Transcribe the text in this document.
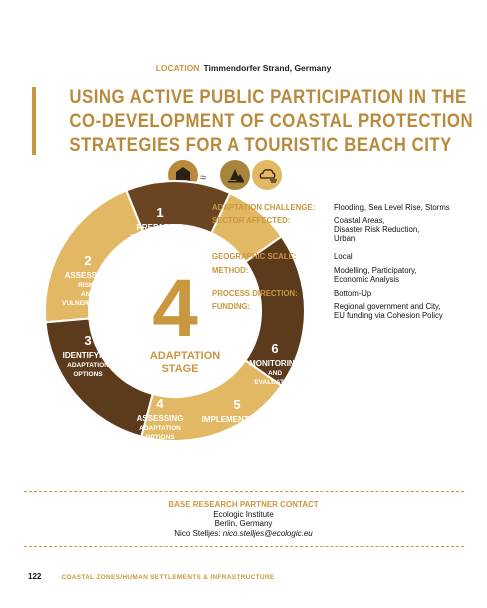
LOCATION Timmendorfer Strand, Germany
USING ACTIVE PUBLIC PARTICIPATION IN THE
CO-DEVELOPMENT OF COASTAL PROTECTION
STRATEGIES FOR A TOURISTIC BEACH CITY
≈
4
ADAPTATION
STAGE
1
PREPARING
THE GROUND FOR
ADAPTATION
2
ASSESSING
RISKS
AND
VULNERABILITY
3
IDENTIFYING
ADAPTATION
OPTIONS
4
ASSESSING
ADAPTATION
OPTIONS
5
IMPLEMENTATION
6
MONITORING
AND
EVALUATION
ADAPTATION CHALLENGE: Flooding, Sea Level Rise, Storms
SECTOR AFFECTED:	Coastal Areas,
Disaster Risk Reduction,
Urban
GEOGRAPHIC SCALE:	Local
METHOD:	Modelling, Participatory,
Economic Analysis
PROCESS DIRECTION:	Bottom-Up
FUNDING:	Regional government and City,
EU funding via Cohesion Policy
BASE RESEARCH PARTNER CONTACT
Ecologic Institute
Berlin, Germany
Nico Stelljes: nico.stelljes@ecologic.eu
122	COASTAL ZONES/HUMAN SETTLEMENTS & INFRASTRUCTURE
